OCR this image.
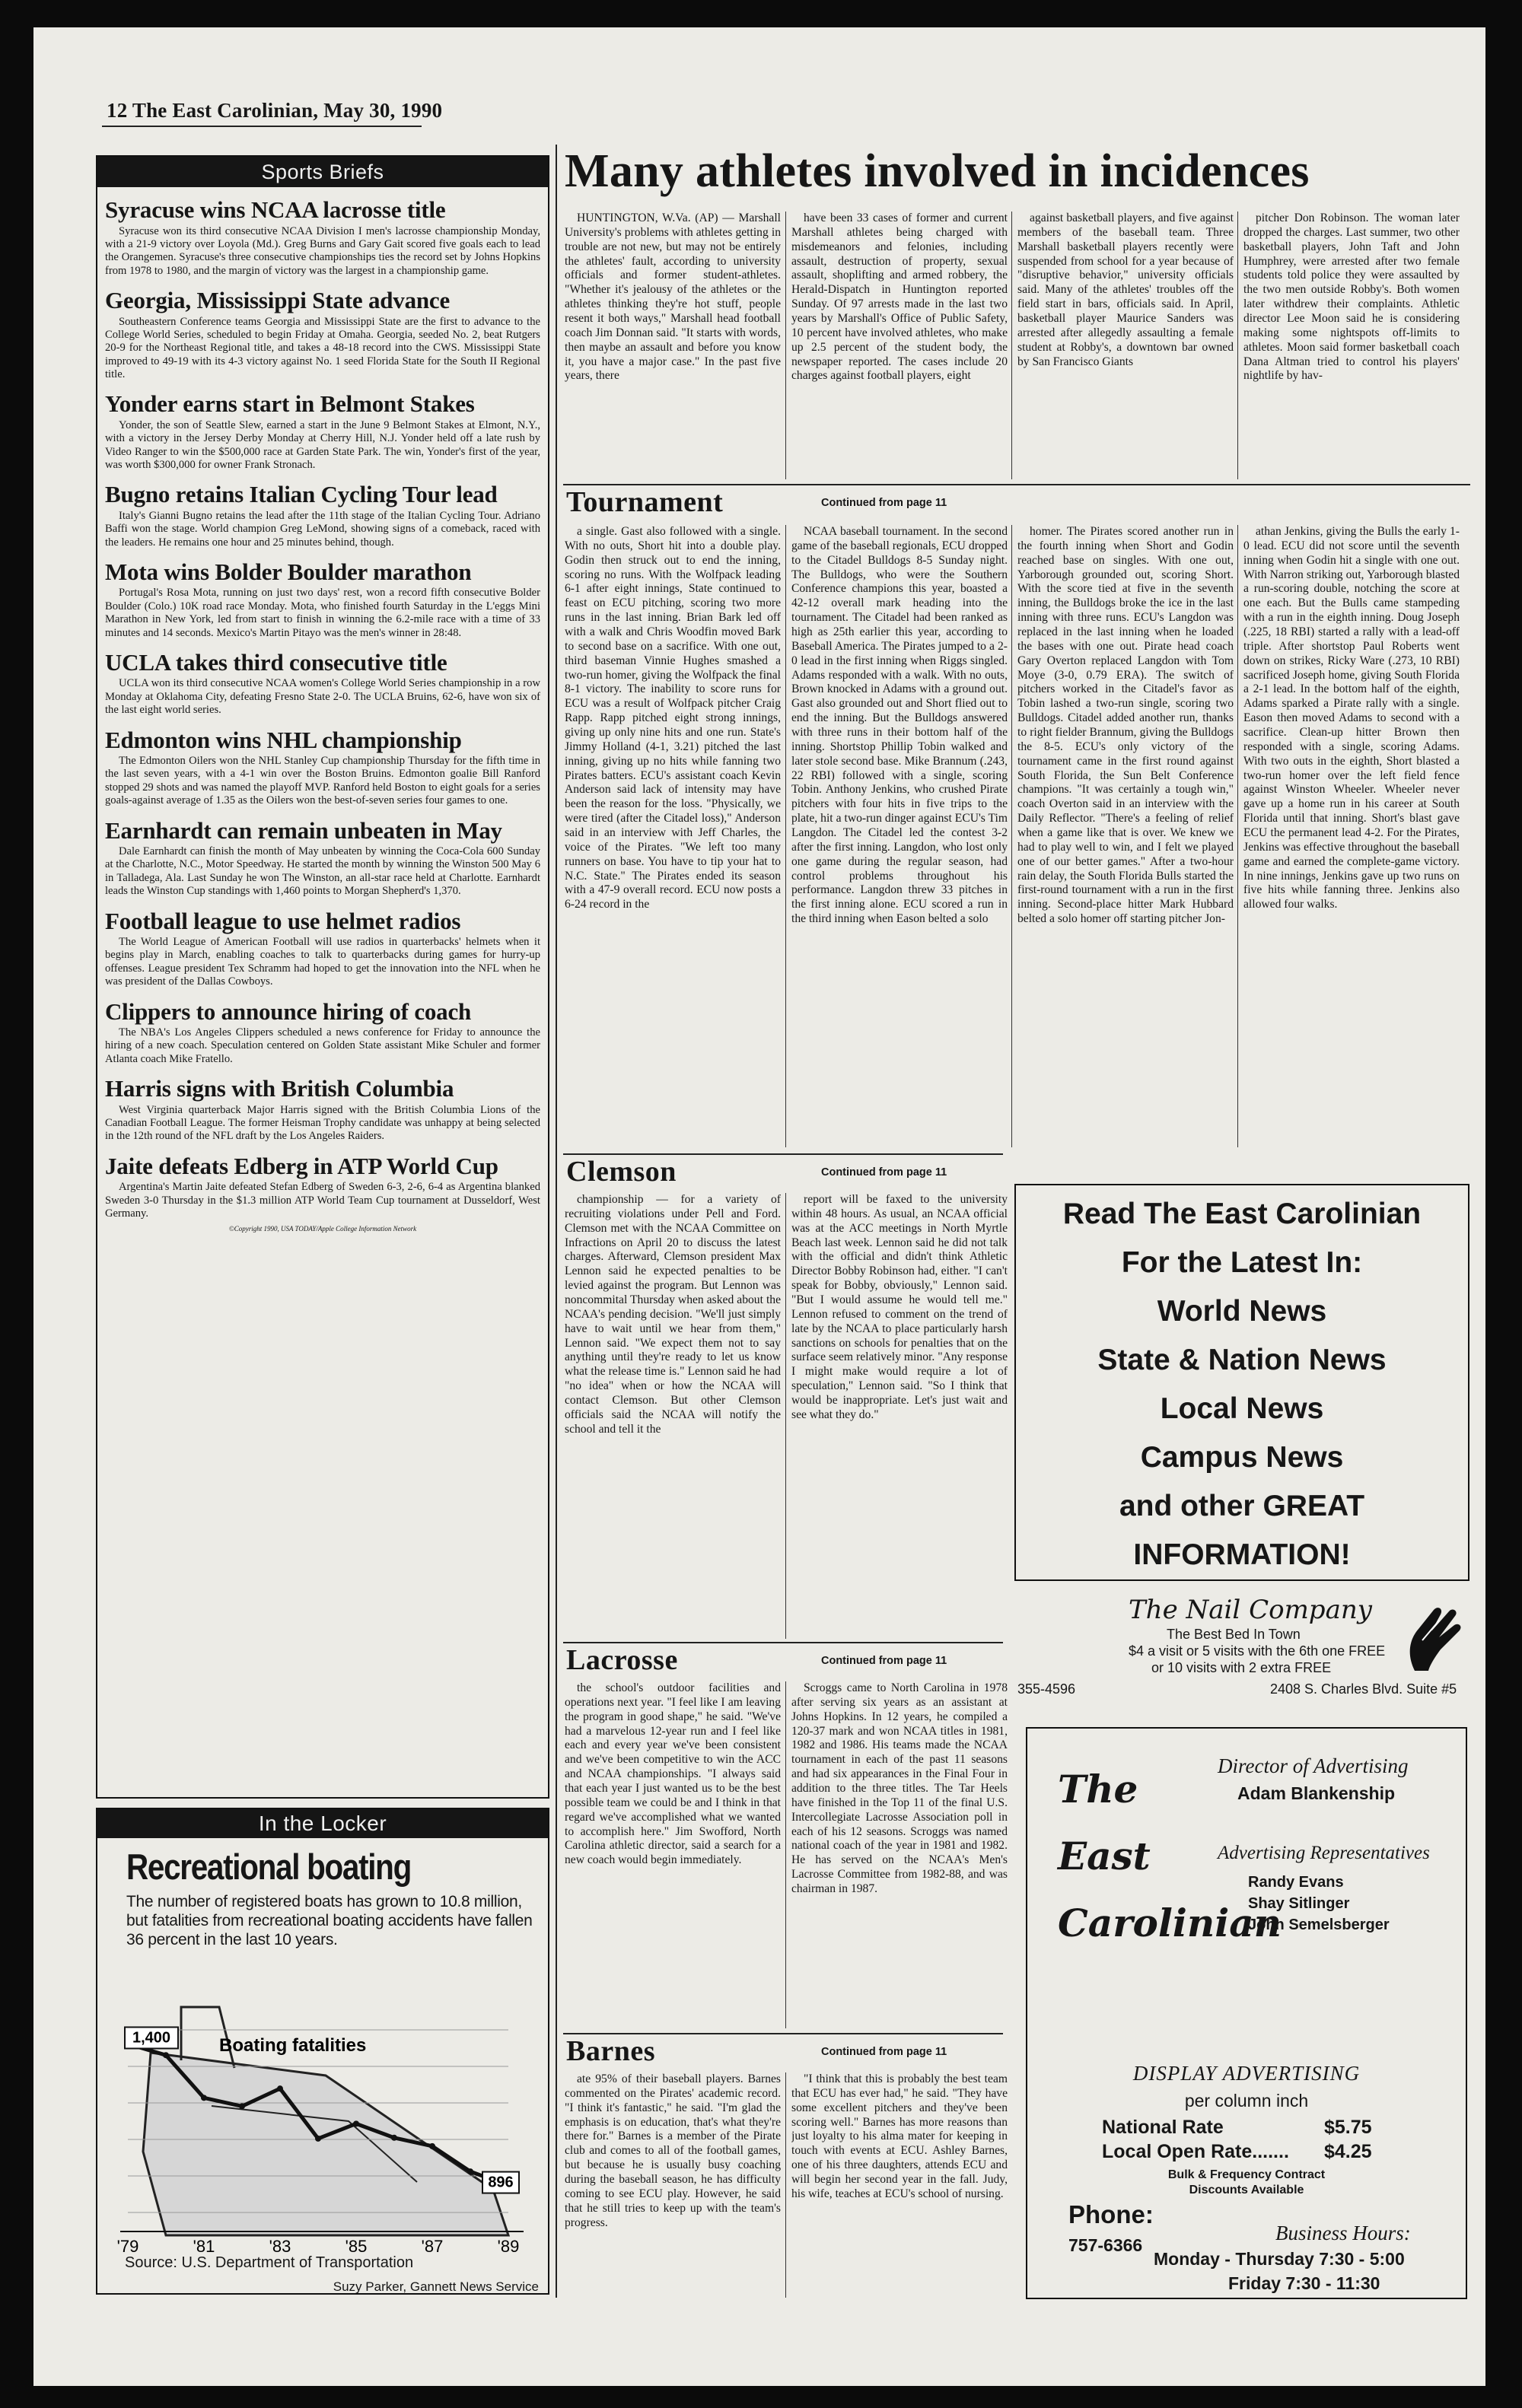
12 The East Carolinian, May 30, 1990
Sports Briefs
Syracuse wins NCAA lacrosse title

Syracuse won its third consecutive NCAA Division I men's lacrosse championship Monday, with a 21-9 victory over Loyola (Md.). Greg Burns and Gary Gait scored five goals each to lead the Orangemen. Syracuse's three consecutive championships ties the record set by Johns Hopkins from 1978 to 1980, and the margin of victory was the largest in a championship game.

Georgia, Mississippi State advance

Southeastern Conference teams Georgia and Mississippi State are the first to advance to the College World Series, scheduled to begin Friday at Omaha. Georgia, seeded No. 2, beat Rutgers 20-9 for the Northeast Regional title, and takes a 48-18 record into the CWS. Mississippi State improved to 49-19 with its 4-3 victory against No. 1 seed Florida State for the South II Regional title.

Yonder earns start in Belmont Stakes

Yonder, the son of Seattle Slew, earned a start in the June 9 Belmont Stakes at Elmont, N.Y., with a victory in the Jersey Derby Monday at Cherry Hill, N.J. Yonder held off a late rush by Video Ranger to win the $500,000 race at Garden State Park. The win, Yonder's first of the year, was worth $300,000 for owner Frank Stronach.

Bugno retains Italian Cycling Tour lead

Italy's Gianni Bugno retains the lead after the 11th stage of the Italian Cycling Tour. Adriano Baffi won the stage. World champion Greg LeMond, showing signs of a comeback, raced with the leaders. He remains one hour and 25 minutes behind, though.

Mota wins Bolder Boulder marathon

Portugal's Rosa Mota, running on just two days' rest, won a record fifth consecutive Bolder Boulder (Colo.) 10K road race Monday. Mota, who finished fourth Saturday in the L'eggs Mini Marathon in New York, led from start to finish in winning the 6.2-mile race with a time of 33 minutes and 14 seconds. Mexico's Martin Pitayo was the men's winner in 28:48.

UCLA takes third consecutive title

UCLA won its third consecutive NCAA women's College World Series championship in a row Monday at Oklahoma City, defeating Fresno State 2-0. The UCLA Bruins, 62-6, have won six of the last eight world series.

Edmonton wins NHL championship

The Edmonton Oilers won the NHL Stanley Cup championship Thursday for the fifth time in the last seven years, with a 4-1 win over the Boston Bruins. Edmonton goalie Bill Ranford stopped 29 shots and was named the playoff MVP. Ranford held Boston to eight goals for a series goals-against average of 1.35 as the Oilers won the best-of-seven series four games to one.

Earnhardt can remain unbeaten in May

Dale Earnhardt can finish the month of May unbeaten by winning the Coca-Cola 600 Sunday at the Charlotte, N.C., Motor Speedway. He started the month by winning the Winston 500 May 6 in Talladega, Ala. Last Sunday he won The Winston, an all-star race held at Charlotte. Earnhardt leads the Winston Cup standings with 1,460 points to Morgan Shepherd's 1,370.

Football league to use helmet radios

The World League of American Football will use radios in quarterbacks' helmets when it begins play in March, enabling coaches to talk to quarterbacks during games for hurry-up offenses. League president Tex Schramm had hoped to get the innovation into the NFL when he was president of the Dallas Cowboys.

Clippers to announce hiring of coach

The NBA's Los Angeles Clippers scheduled a news conference for Friday to announce the hiring of a new coach. Speculation centered on Golden State assistant Mike Schuler and former Atlanta coach Mike Fratello.

Harris signs with British Columbia

West Virginia quarterback Major Harris signed with the British Columbia Lions of the Canadian Football League. The former Heisman Trophy candidate was unhappy at being selected in the 12th round of the NFL draft by the Los Angeles Raiders.

Jaite defeats Edberg in ATP World Cup

Argentina's Martin Jaite defeated Stefan Edberg of Sweden 6-3, 2-6, 6-4 as Argentina blanked Sweden 3-0 Thursday in the $1.3 million ATP World Team Cup tournament at Dusseldorf, West Germany.

©Copyright 1990, USA TODAY/Apple College Information Network
In the Locker
Recreational boating
The number of registered boats has grown to 10.8 million, but fatalities from recreational boating accidents have fallen 36 percent in the last 10 years.
1,400
896
Boating fatalities
'79	'81	'83	'85	'87	'89
Source: U.S. Department of Transportation
Suzy Parker, Gannett News Service
Many athletes involved in incidences

HUNTINGTON, W.Va. (AP) — Marshall University's problems with athletes getting in trouble are not new, but may not be entirely the athletes' fault, according to university officials and former student-athletes. "Whether it's jealousy of the athletes or the athletes thinking they're hot stuff, people resent it both ways," Marshall head football coach Jim Donnan said. "It starts with words, then maybe an assault and before you know it, you have a major case." In the past five years, there

have been 33 cases of former and current Marshall athletes being charged with misdemeanors and felonies, including assault, destruction of property, sexual assault, shoplifting and armed robbery, the Herald-Dispatch in Huntington reported Sunday. Of 97 arrests made in the last two years by Marshall's Office of Public Safety, 10 percent have involved athletes, who make up 2.5 percent of the student body, the newspaper reported. The cases include 20 charges against football players, eight

against basketball players, and five against members of the baseball team. Three Marshall basketball players recently were suspended from school for a year because of "disruptive behavior," university officials said. Many of the athletes' troubles off the field start in bars, officials said. In April, basketball player Maurice Sanders was arrested after allegedly assaulting a female student at Robby's, a downtown bar owned by San Francisco Giants

pitcher Don Robinson. The woman later dropped the charges. Last summer, two other basketball players, John Taft and John Humphrey, were arrested after two female students told police they were assaulted by the two men outside Robby's. Both women later withdrew their complaints. Athletic director Lee Moon said he is considering making some nightspots off-limits to athletes. Moon said former basketball coach Dana Altman tried to control his players' nightlife by hav-

Tournament	Continued from page 11

a single. Gast also followed with a single. With no outs, Short hit into a double play. Godin then struck out to end the inning, scoring no runs. With the Wolfpack leading 6-1 after eight innings, State continued to feast on ECU pitching, scoring two more runs in the last inning. Brian Bark led off with a walk and Chris Woodfin moved Bark to second base on a sacrifice. With one out, third baseman Vinnie Hughes smashed a two-run homer, giving the Wolfpack the final 8-1 victory. The inability to score runs for ECU was a result of Wolfpack pitcher Craig Rapp. Rapp pitched eight strong innings, giving up only nine hits and one run. State's Jimmy Holland (4-1, 3.21) pitched the last inning, giving up no hits while fanning two Pirates batters. ECU's assistant coach Kevin Anderson said lack of intensity may have been the reason for the loss. "Physically, we were tired (after the Citadel loss)," Anderson said in an interview with Jeff Charles, the voice of the Pirates. "We left too many runners on base. You have to tip your hat to N.C. State." The Pirates ended its season with a 47-9 overall record. ECU now posts a 6-24 record in the

NCAA baseball tournament. In the second game of the baseball regionals, ECU dropped to the Citadel Bulldogs 8-5 Sunday night. The Bulldogs, who were the Southern Conference champions this year, boasted a 42-12 overall mark heading into the tournament. The Citadel had been ranked as high as 25th earlier this year, according to Baseball America. The Pirates jumped to a 2-0 lead in the first inning when Riggs singled. Adams responded with a walk. With no outs, Brown knocked in Adams with a ground out. Gast also grounded out and Short flied out to end the inning. But the Bulldogs answered with three runs in their bottom half of the inning. Shortstop Phillip Tobin walked and later stole second base. Mike Brannum (.243, 22 RBI) followed with a single, scoring Tobin. Anthony Jenkins, who crushed Pirate pitchers with four hits in five trips to the plate, hit a two-run dinger against ECU's Tim Langdon. The Citadel led the contest 3-2 after the first inning. Langdon, who lost only one game during the regular season, had control problems throughout his performance. Langdon threw 33 pitches in the first inning alone. ECU scored a run in the third inning when Eason belted a solo

homer. The Pirates scored another run in the fourth inning when Short and Godin reached base on singles. With one out, Yarborough grounded out, scoring Short. With the score tied at five in the seventh inning, the Bulldogs broke the ice in the last inning with three runs. ECU's Langdon was replaced in the last inning when he loaded the bases with one out. Pirate head coach Gary Overton replaced Langdon with Tom Moye (3-0, 0.79 ERA). The switch of pitchers worked in the Citadel's favor as Tobin lashed a two-run single, scoring two Bulldogs. Citadel added another run, thanks to right fielder Brannum, giving the Bulldogs the 8-5. ECU's only victory of the tournament came in the first round against South Florida, the Sun Belt Conference champions. "It was certainly a tough win," coach Overton said in an interview with the Daily Reflector. "There's a feeling of relief when a game like that is over. We knew we had to play well to win, and I felt we played one of our better games." After a two-hour rain delay, the South Florida Bulls started the first-round tournament with a run in the first inning. Second-place hitter Mark Hubbard belted a solo homer off starting pitcher Jon-

athan Jenkins, giving the Bulls the early 1-0 lead. ECU did not score until the seventh inning when Godin hit a single with one out. With Narron striking out, Yarborough blasted a run-scoring double, notching the score at one each. But the Bulls came stampeding with a run in the eighth inning. Doug Joseph (.225, 18 RBI) started a rally with a lead-off triple. After shortstop Paul Roberts went down on strikes, Ricky Ware (.273, 10 RBI) sacrificed Joseph home, giving South Florida a 2-1 lead. In the bottom half of the eighth, Adams sparked a Pirate rally with a single. Eason then moved Adams to second with a sacrifice. Clean-up hitter Brown then responded with a single, scoring Adams. With two outs in the eighth, Short blasted a two-run homer over the left field fence against Winston Wheeler. Wheeler never gave up a home run in his career at South Florida until that inning. Short's blast gave ECU the permanent lead 4-2. For the Pirates, Jenkins was effective throughout the baseball game and earned the complete-game victory. In nine innings, Jenkins gave up two runs on five hits while fanning three. Jenkins also allowed four walks.

Clemson	Continued from page 11

championship — for a variety of recruiting violations under Pell and Ford. Clemson met with the NCAA Committee on Infractions on April 20 to discuss the latest charges. Afterward, Clemson president Max Lennon said he expected penalties to be levied against the program. But Lennon was noncommital Thursday when asked about the NCAA's pending decision. "We'll just simply have to wait until we hear from them," Lennon said. "We expect them not to say anything until they're ready to let us know what the release time is." Lennon said he had "no idea" when or how the NCAA will contact Clemson. But other Clemson officials said the NCAA will notify the school and tell it the

report will be faxed to the university within 48 hours. As usual, an NCAA official was at the ACC meetings in North Myrtle Beach last week. Lennon said he did not talk with the official and didn't think Athletic Director Bobby Robinson had, either. "I can't speak for Bobby, obviously," Lennon said. "But I would assume he would tell me." Lennon refused to comment on the trend of late by the NCAA to place particularly harsh sanctions on schools for penalties that on the surface seem relatively minor. "Any response I might make would require a lot of speculation," Lennon said. "So I think that would be inappropriate. Let's just wait and see what they do."

Lacrosse	Continued from page 11

the school's outdoor facilities and operations next year. "I feel like I am leaving the program in good shape," he said. "We've had a marvelous 12-year run and I feel like each and every year we've been consistent and we've been competitive to win the ACC and NCAA championships. "I always said that each year I just wanted us to be the best possible team we could be and I think in that regard we've accomplished what we wanted to accomplish here." Jim Swofford, North Carolina athletic director, said a search for a new coach would begin immediately.

Scroggs came to North Carolina in 1978 after serving six years as an assistant at Johns Hopkins. In 12 years, he compiled a 120-37 mark and won NCAA titles in 1981, 1982 and 1986. His teams made the NCAA tournament in each of the past 11 seasons and had six appearances in the Final Four in addition to the three titles. The Tar Heels have finished in the Top 11 of the final U.S. Intercollegiate Lacrosse Association poll in each of his 12 seasons. Scroggs was named national coach of the year in 1981 and 1982. He has served on the NCAA's Men's Lacrosse Committee from 1982-88, and was chairman in 1987.

Barnes	Continued from page 11

ate 95% of their baseball players. Barnes commented on the Pirates' academic record. "I think it's fantastic," he said. "I'm glad the emphasis is on education, that's what they're there for." Barnes is a member of the Pirate club and comes to all of the football games, but because he is usually busy coaching during the baseball season, he has difficulty coming to see ECU play. However, he said that he still tries to keep up with the team's progress.

"I think that this is probably the best team that ECU has ever had," he said. "They have some excellent pitchers and they've been scoring well." Barnes has more reasons than just loyalty to his alma mater for keeping in touch with events at ECU. Ashley Barnes, one of his three daughters, attends ECU and will begin her second year in the fall. Judy, his wife, teaches at ECU's school of nursing.

Read The East Carolinian
For the Latest In:
World News
State & Nation News
Local News
Campus News
and other GREAT
INFORMATION!
The Nail Company
The Best Bed In Town
$4 a visit or 5 visits with the 6th one FREE
or 10 visits with 2 extra FREE
355-4596	2408 S. Charles Blvd. Suite #5
The
East
Carolinian
Director of Advertising
Adam Blankenship
Advertising Representatives
Randy Evans
Shay Sitlinger
John Semelsberger
DISPLAY ADVERTISING
per column inch
National Rate	$5.75
Local Open Rate....... $4.25
Bulk & Frequency Contract
Discounts Available
Phone:
757-6366
Business Hours:
Monday - Thursday 7:30 - 5:00
Friday 7:30 - 11:30
